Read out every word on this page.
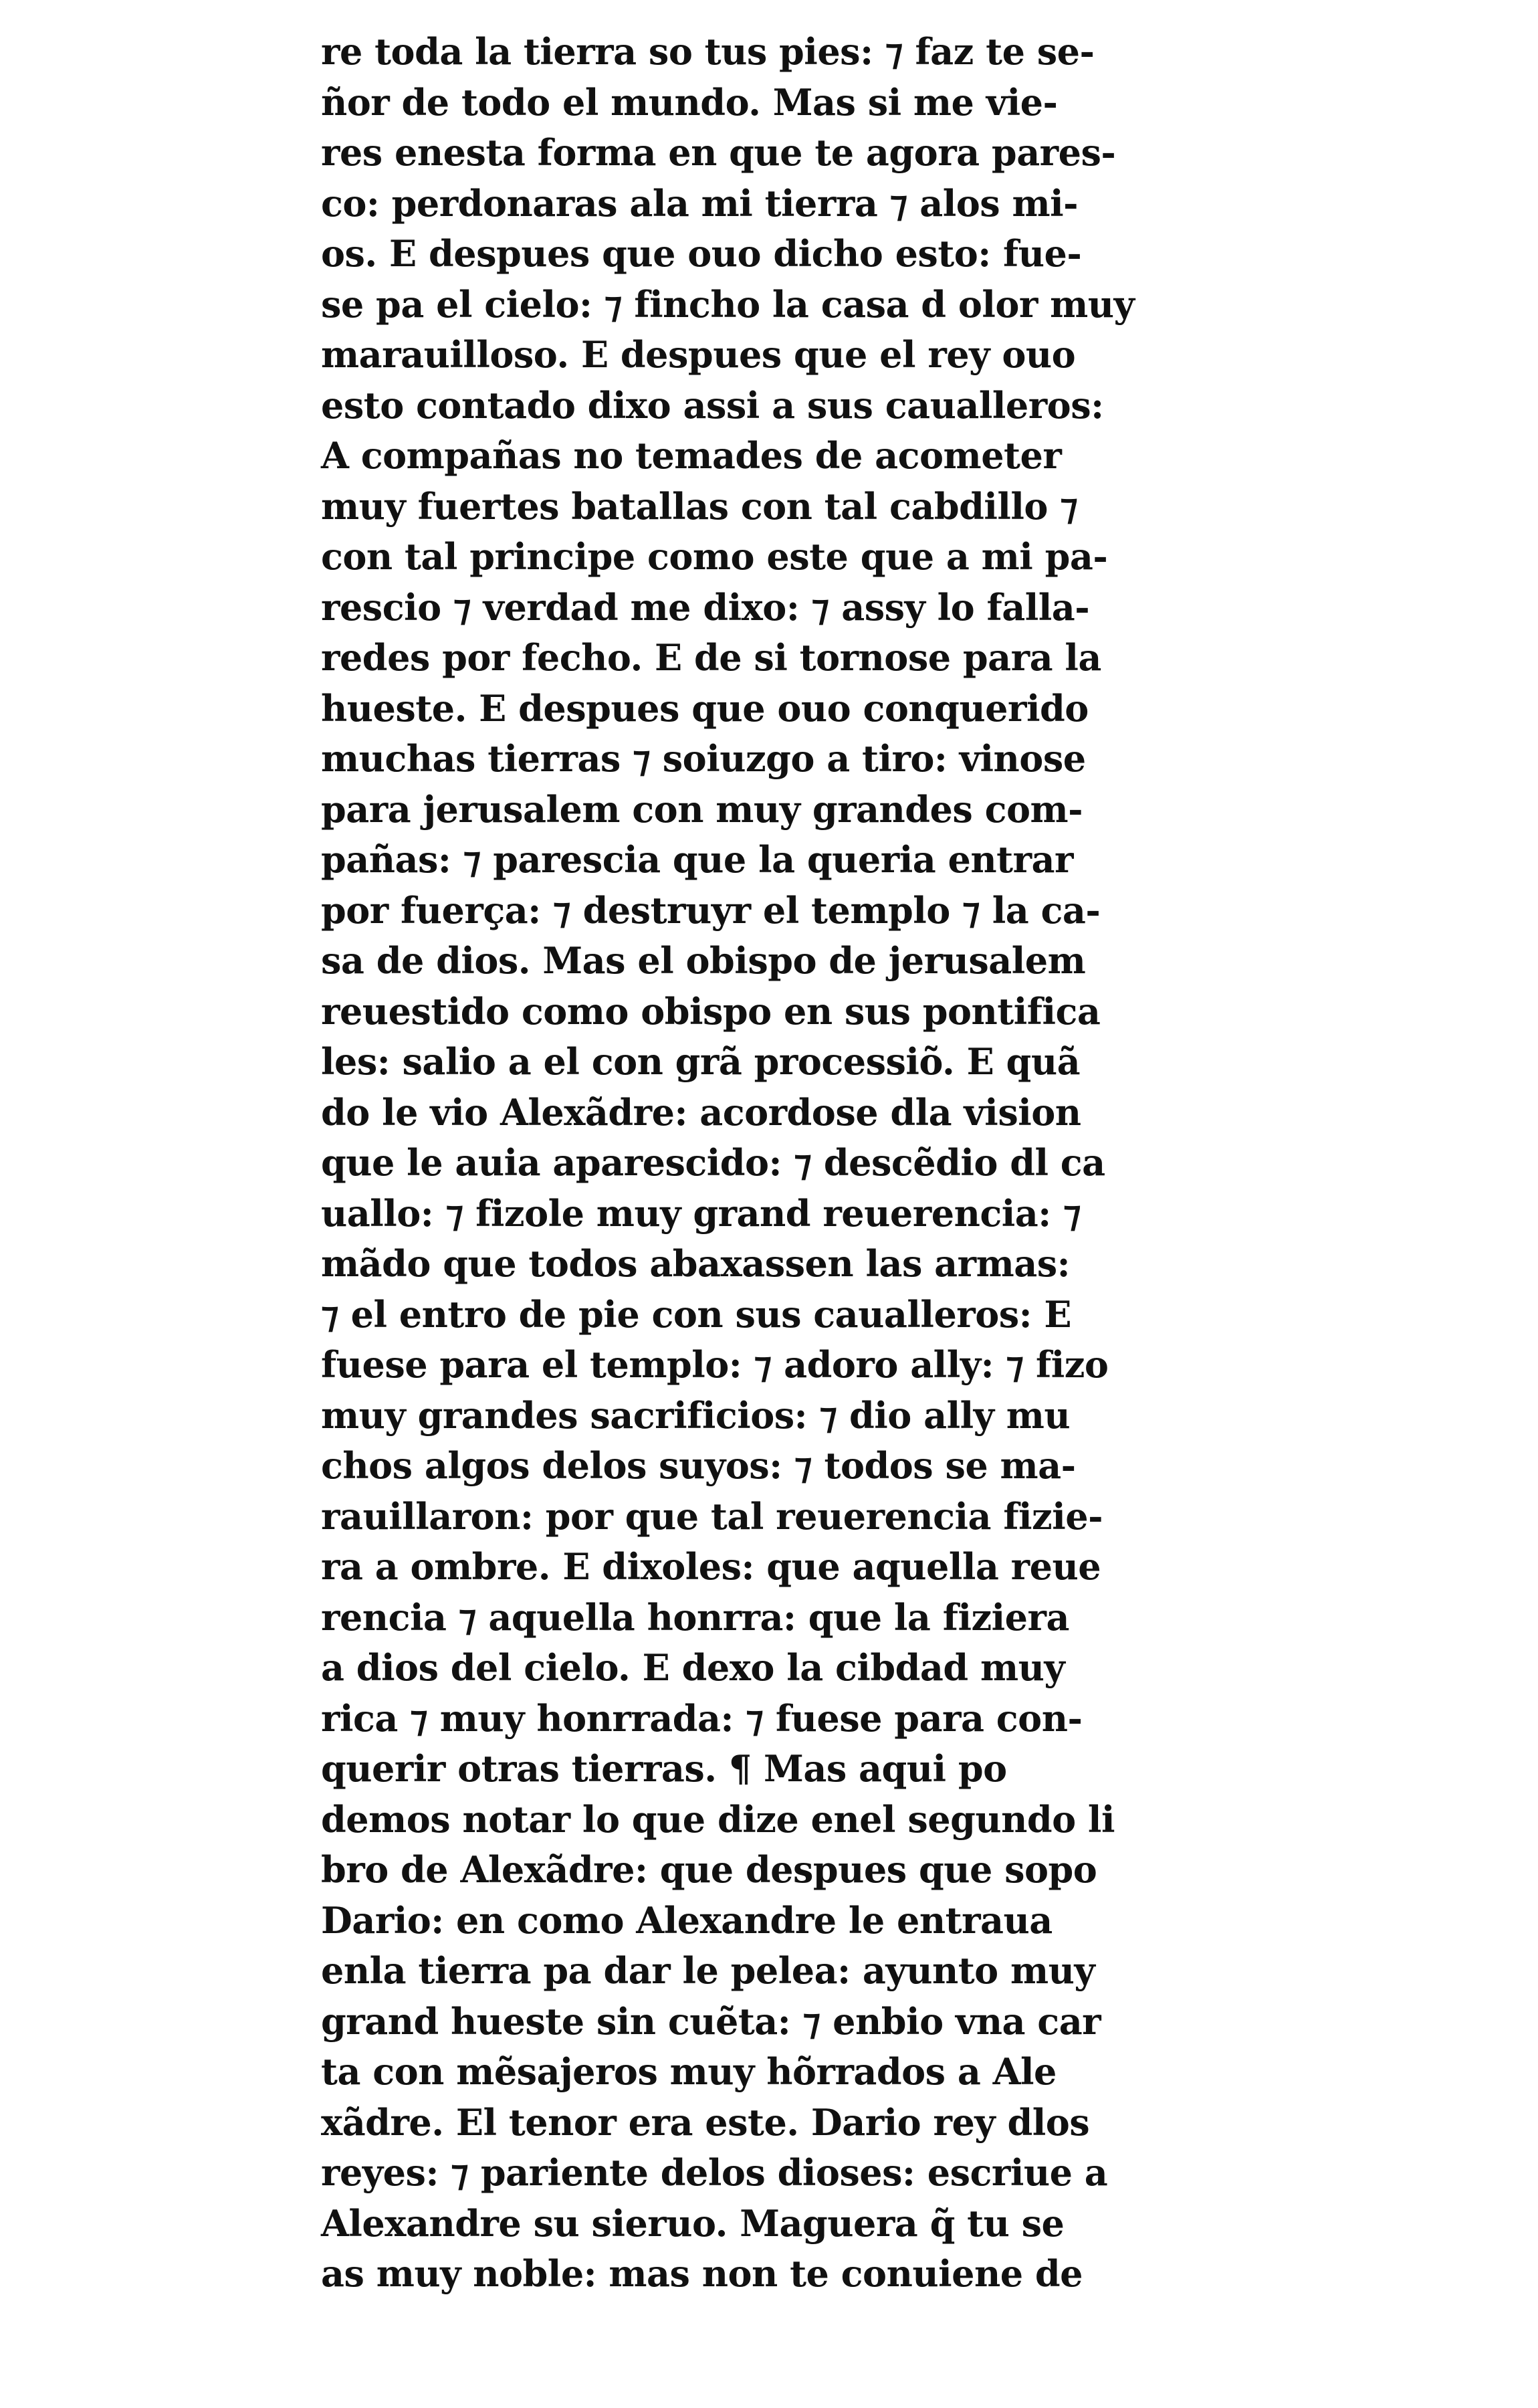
re toda la tierra so tus pies: ⁊ faz te se-
ñor de todo el mundo. Mas si me vie-
res enesta forma en que te agora pares-
co: perdonaras ala mi tierra ⁊ alos mi-
os. E despues que ouo dicho esto: fue-
se pa el cielo: ⁊ fincho la casa d olor muy
marauilloso. E despues que el rey ouo
esto contado dixo assi a sus caualleros:
A compañas no temades de acometer
muy fuertes batallas con tal cabdillo ⁊
con tal principe como este que a mi pa-
rescio ⁊ verdad me dixo: ⁊ assy lo falla-
redes por fecho. E de si tornose para la
hueste. E despues que ouo conquerido
muchas tierras ⁊ soiuzgo a tiro: vinose
para jerusalem con muy grandes com-
pañas: ⁊ parescia que la queria entrar
por fuerça: ⁊ destruyr el templo ⁊ la ca-
sa de dios. Mas el obispo de jerusalem
reuestido como obispo en sus pontifica
les: salio a el con grã processiõ. E quã
do le vio Alexãdre: acordose dla vision
que le auia aparescido: ⁊ descẽdio dl ca
uallo: ⁊ fizole muy grand reuerencia: ⁊
mãdo que todos abaxassen las armas:
⁊ el entro de pie con sus caualleros: E
fuese para el templo: ⁊ adoro ally: ⁊ fizo
muy grandes sacrificios: ⁊ dio ally mu
chos algos delos suyos: ⁊ todos se ma-
rauillaron: por que tal reuerencia fizie-
ra a ombre. E dixoles: que aquella reue
rencia ⁊ aquella honrra: que la fiziera
a dios del cielo. E dexo la cibdad muy
rica ⁊ muy honrrada: ⁊ fuese para con-
querir otras tierras. ¶ Mas aqui po
demos notar lo que dize enel segundo li
bro de Alexãdre: que despues que sopo
Dario: en como Alexandre le entraua
enla tierra pa dar le pelea: ayunto muy
grand hueste sin cuẽta: ⁊ enbio vna car
ta con mẽsajeros muy hõrrados a Ale
xãdre. El tenor era este. Dario rey dlos
reyes: ⁊ pariente delos dioses: escriue a
Alexandre su sieruo. Maguera q̃ tu se
as muy noble: mas non te conuiene de
